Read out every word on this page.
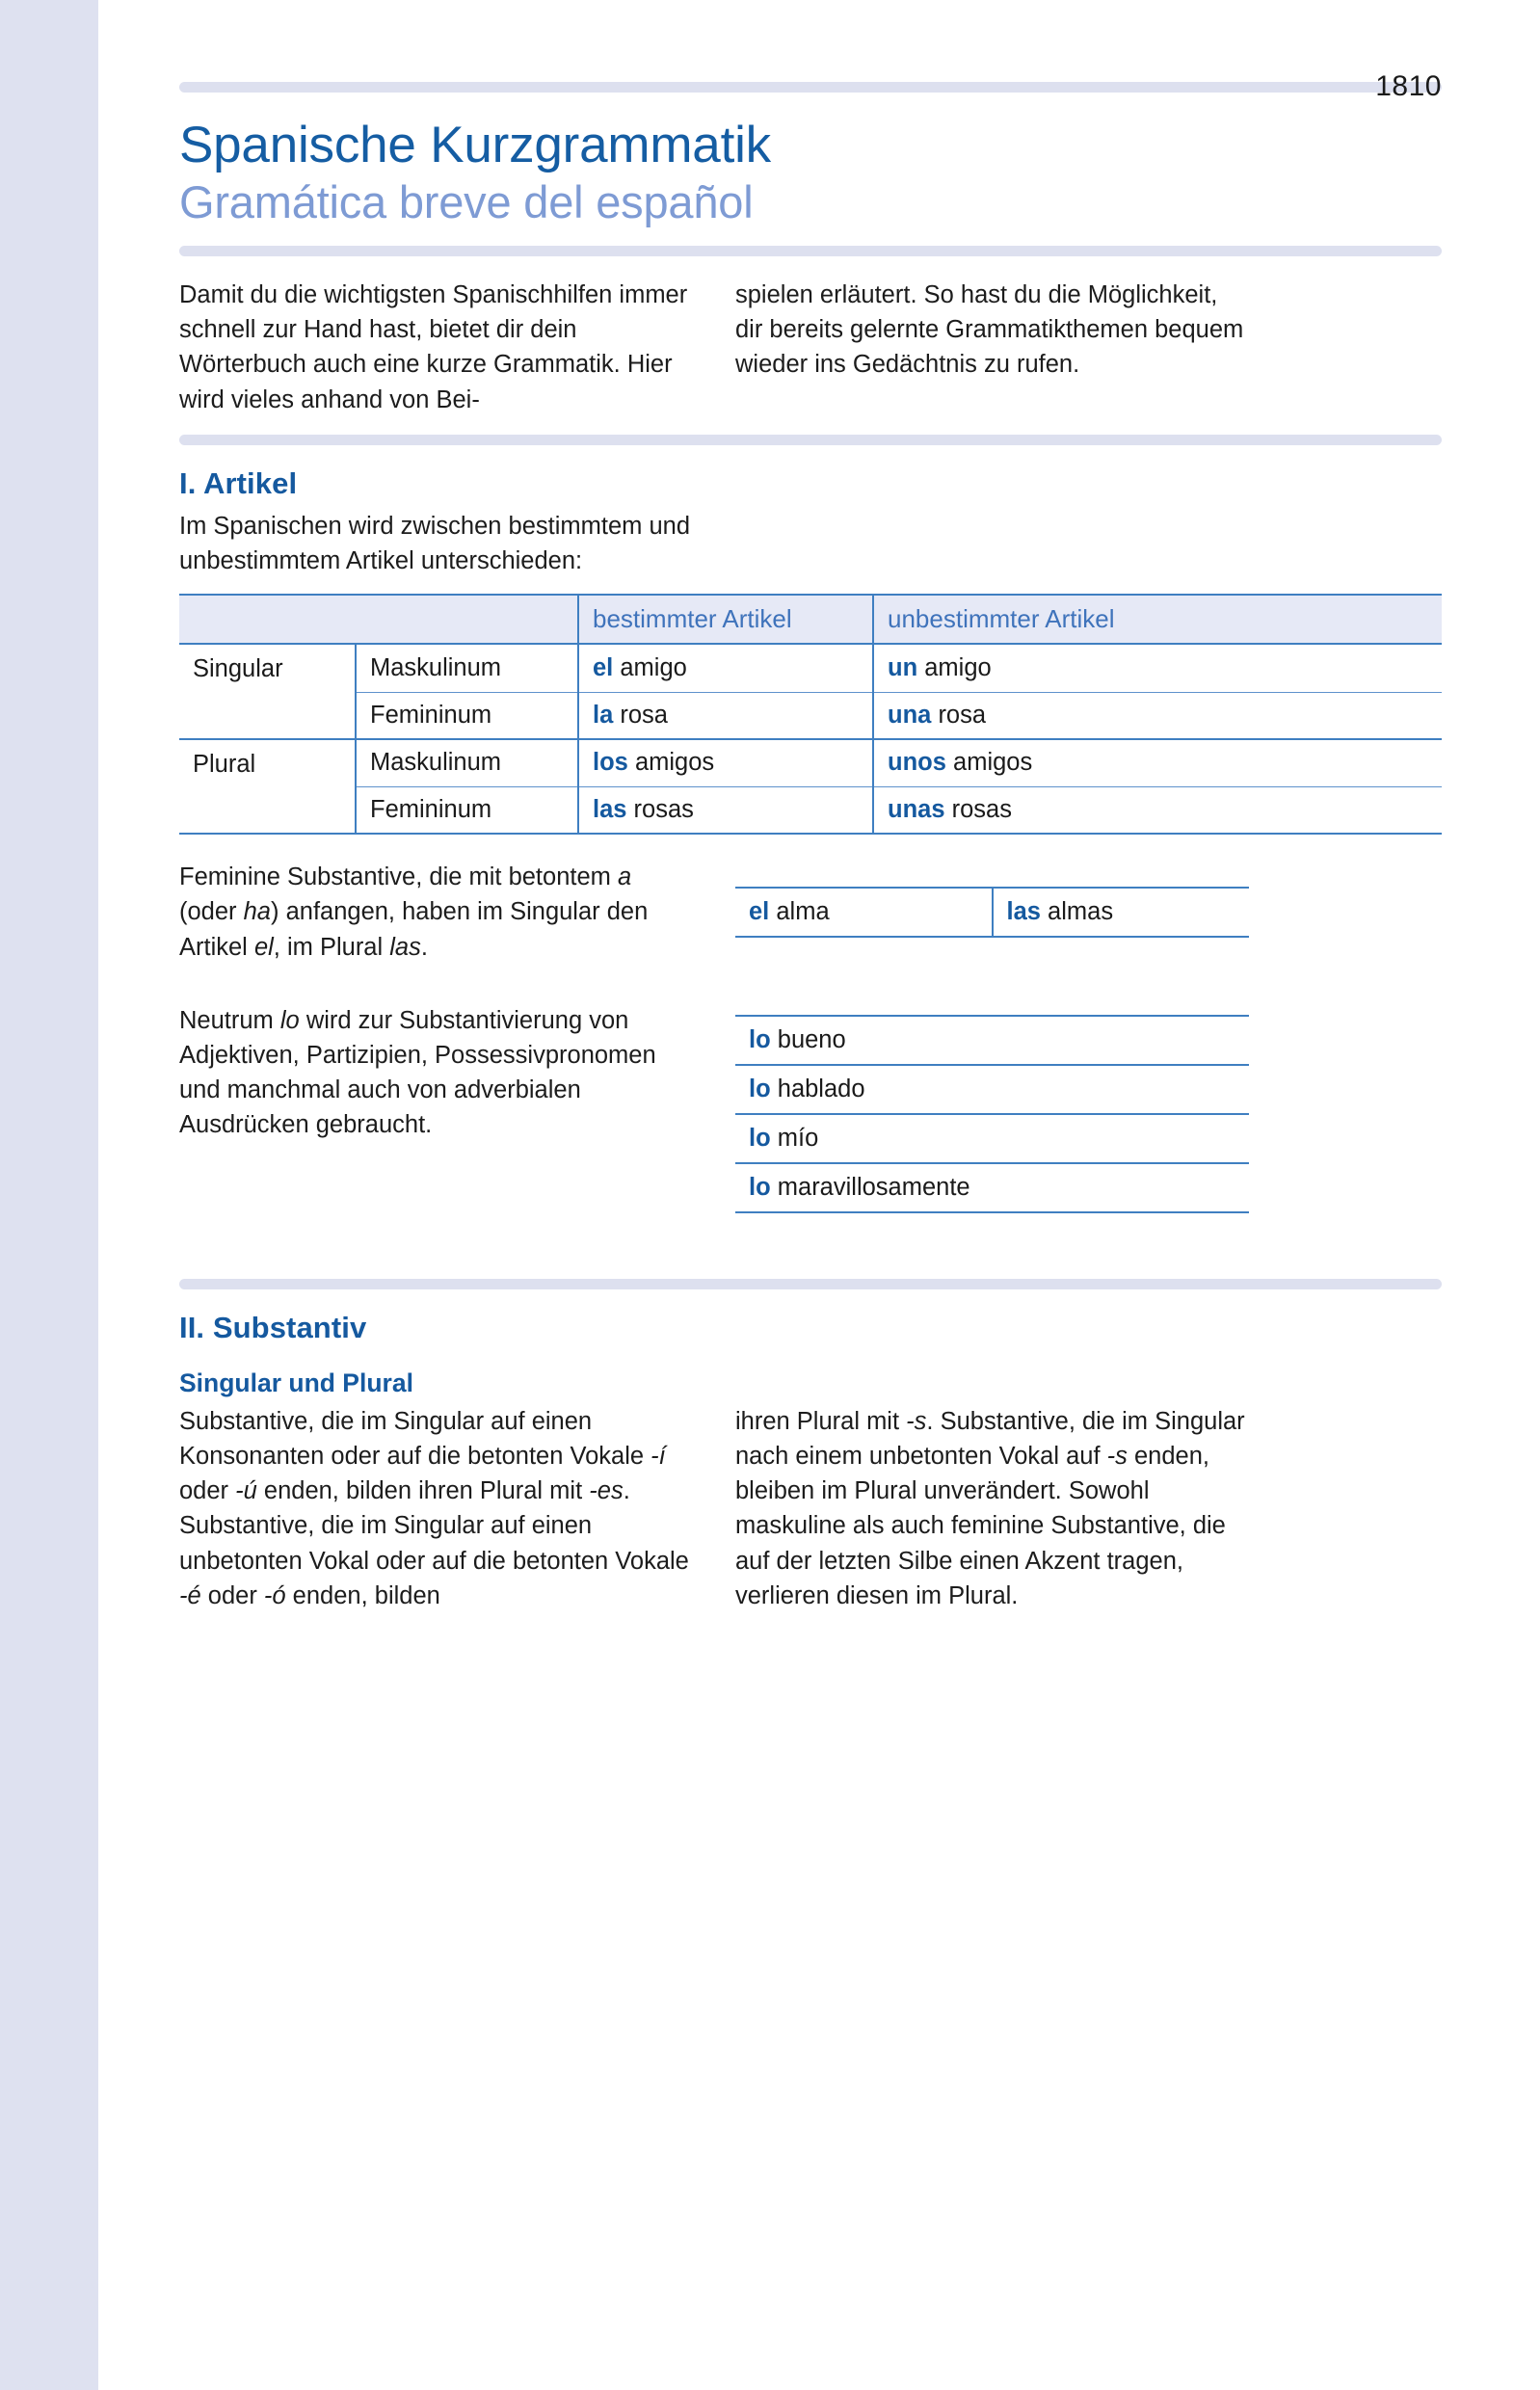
1810
Spanische Kurzgrammatik
Gramática breve del español

Damit du die wichtigsten Spanischhilfen immer schnell zur Hand hast, bietet dir dein Wörterbuch auch eine kurze Grammatik. Hier wird vieles anhand von Bei-

spielen erläutert. So hast du die Möglichkeit, dir bereits gelernte Grammatikthemen bequem wieder ins Gedächtnis zu rufen.

I. Artikel

Im Spanischen wird zwischen bestimmtem und unbestimmtem Artikel unterschieden:

		bestimmter Artikel	unbestimmter Artikel
Singular	Maskulinum	el amigo	un amigo
	Femininum	la rosa	una rosa
Plural	Maskulinum	los amigos	unos amigos
	Femininum	las rosas	unas rosas

Feminine Substantive, die mit betontem a (oder ha) anfangen, haben im Singular den Artikel el, im Plural las.

el alma	las almas

Neutrum lo wird zur Substantivierung von Adjektiven, Partizipien, Possessivpronomen und manchmal auch von adverbialen Ausdrücken gebraucht.

lo bueno
lo hablado
lo mío
lo maravillosamente
II. Substantiv
Singular und Plural

Substantive, die im Singular auf einen Konsonanten oder auf die betonten Vokale -í oder -ú enden, bilden ihren Plural mit -es. Substantive, die im Singular auf einen unbetonten Vokal oder auf die betonten Vokale -é oder -ó enden, bilden

ihren Plural mit -s. Substantive, die im Singular nach einem unbetonten Vokal auf -s enden, bleiben im Plural unverändert. Sowohl maskuline als auch feminine Substantive, die auf der letzten Silbe einen Akzent tragen, verlieren diesen im Plural.
